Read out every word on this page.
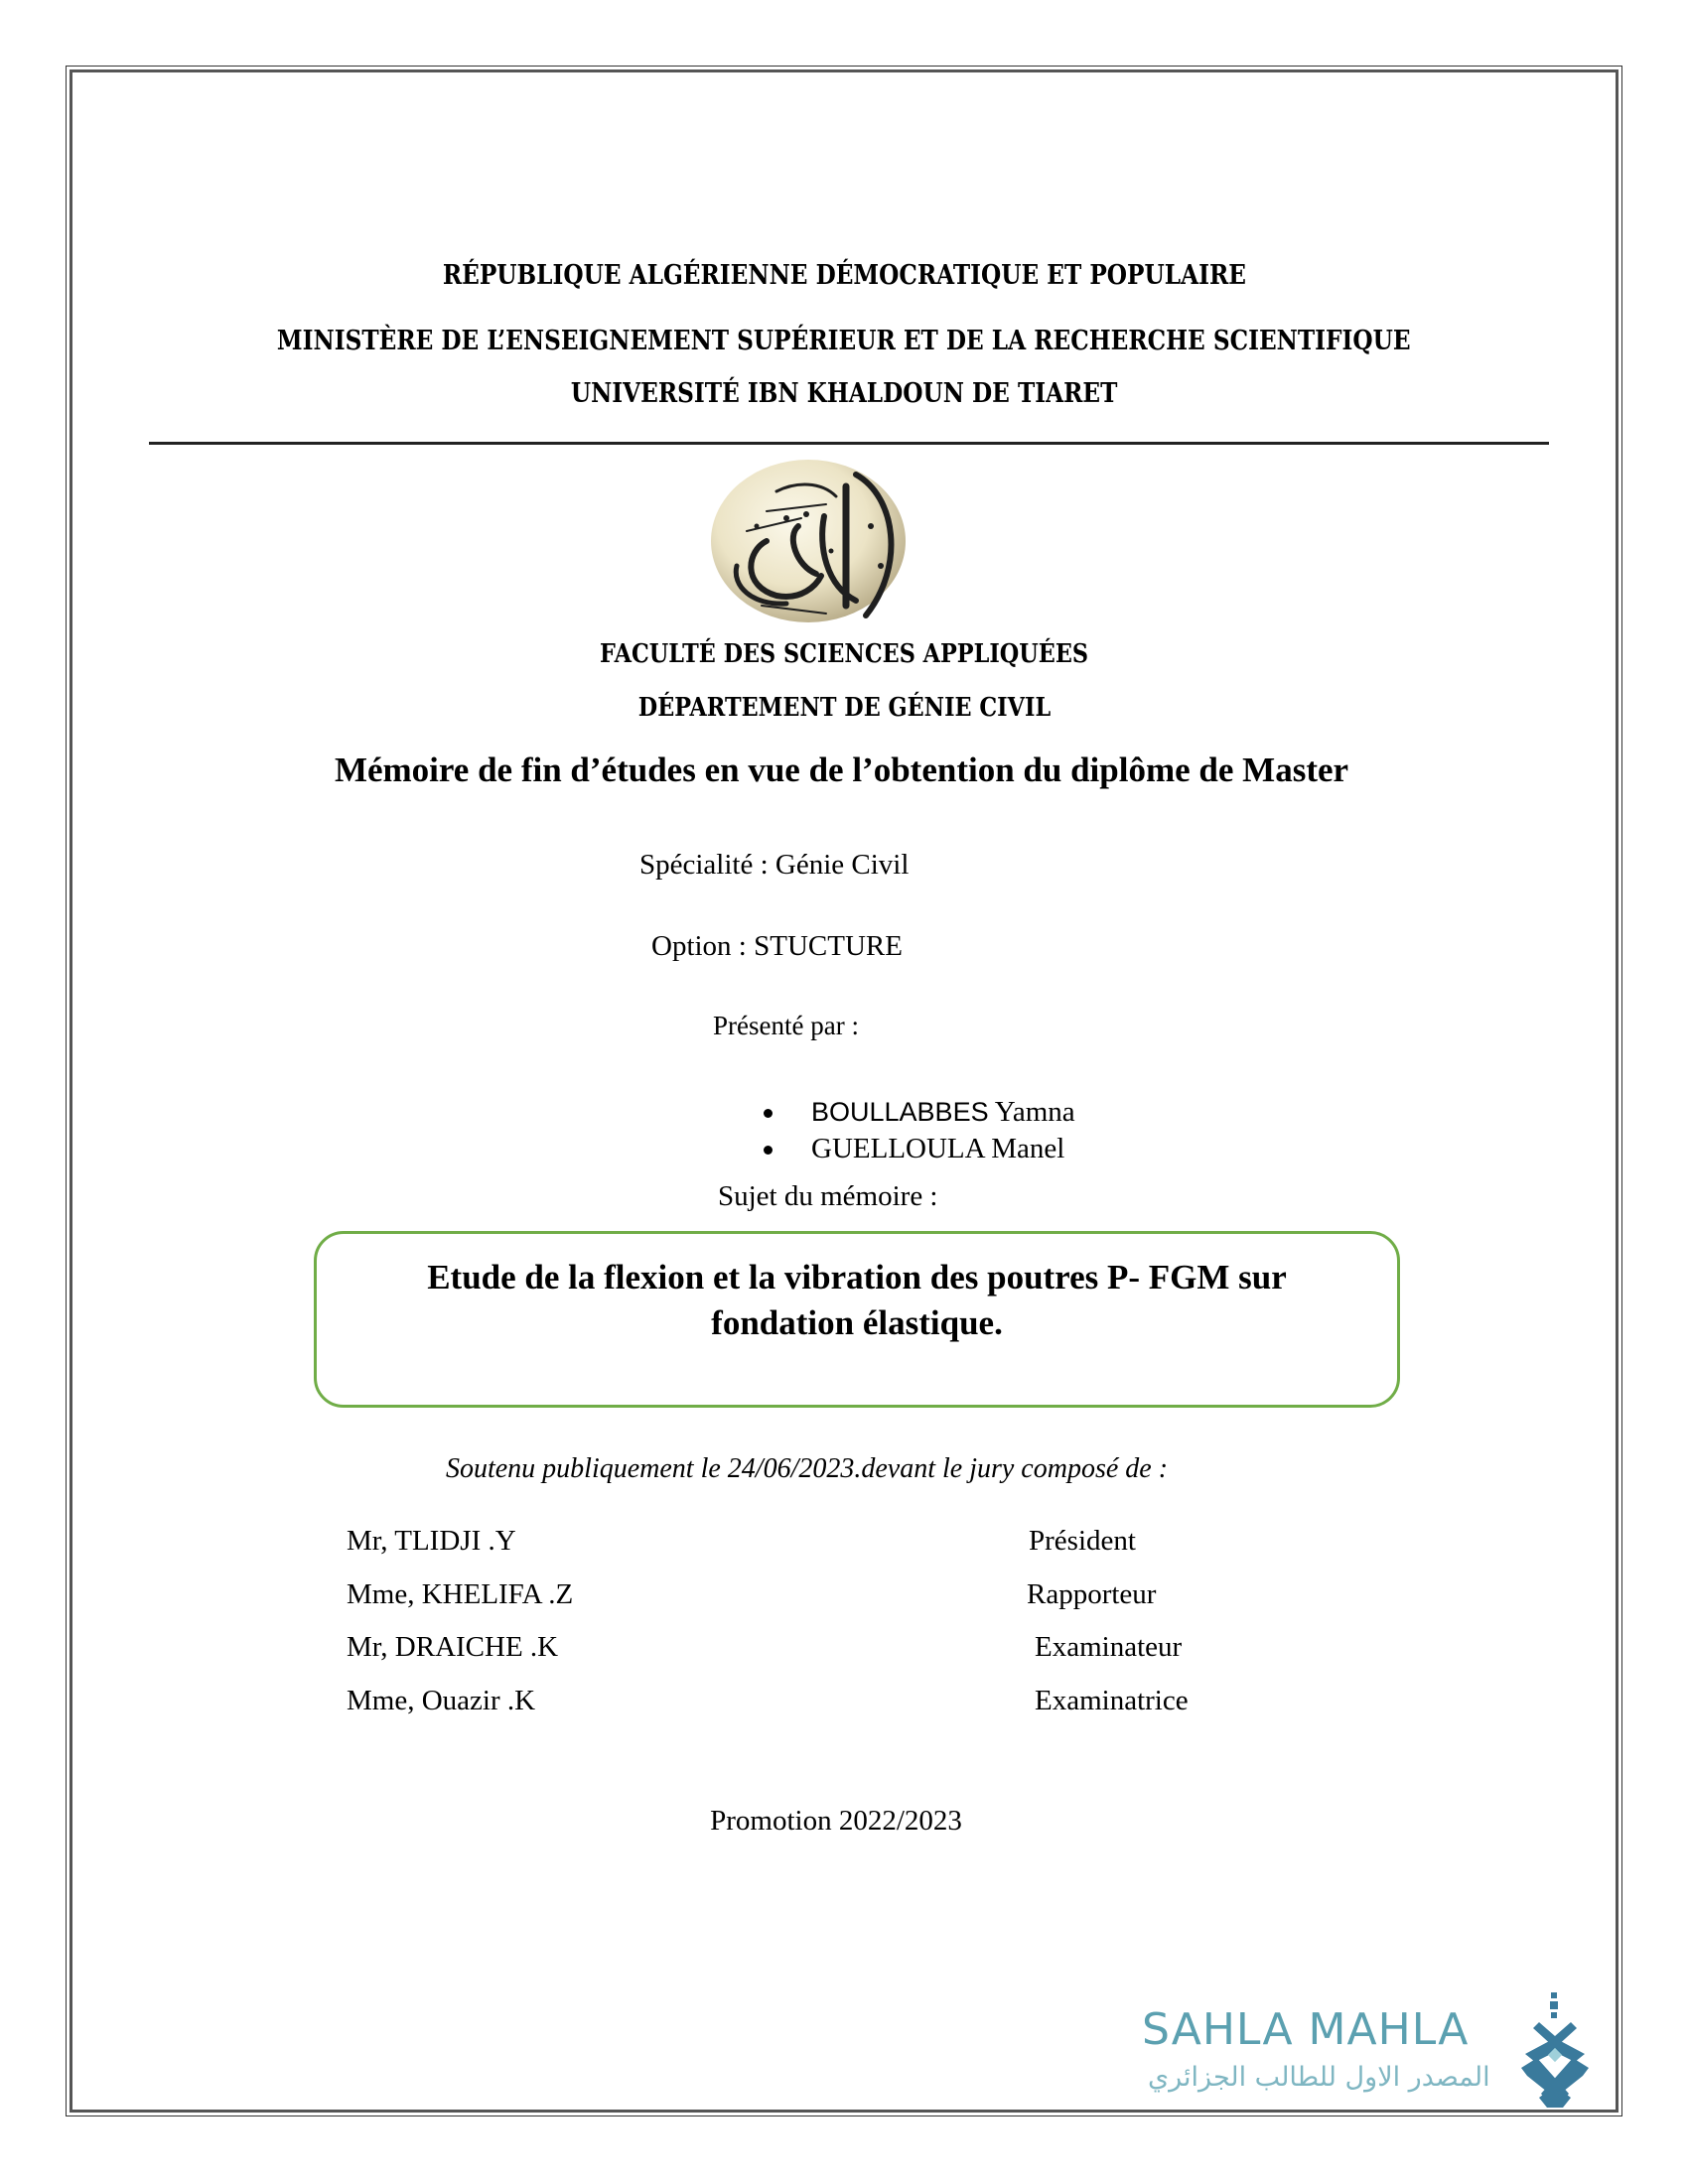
RÉPUBLIQUE ALGÉRIENNE DÉMOCRATIQUE ET POPULAIRE
MINISTÈRE DE L’ENSEIGNEMENT SUPÉRIEUR ET DE LA RECHERCHE SCIENTIFIQUE
UNIVERSITÉ IBN KHALDOUN DE TIARET
FACULTÉ DES SCIENCES APPLIQUÉES
DÉPARTEMENT DE GÉNIE CIVIL
Mémoire de fin d’études en vue de l’obtention du diplôme de Master
Spécialité : Génie Civil
Option : STUCTURE
Présenté par :
BOULLABBES Yamna
GUELLOULA Manel
Sujet du mémoire :
Etude de la flexion et la vibration des poutres P- FGM sur
fondation élastique.
Soutenu publiquement le 24/06/2023.devant le jury composé de :
Mr, TLIDJI .Y	Président
Mme, KHELIFA .Z	Rapporteur
Mr, DRAICHE .K	Examinateur
Mme, Ouazir .K	Examinatrice
Promotion 2022/2023
SAHLA MAHLA
المصدر الاول للطالب الجزائري
